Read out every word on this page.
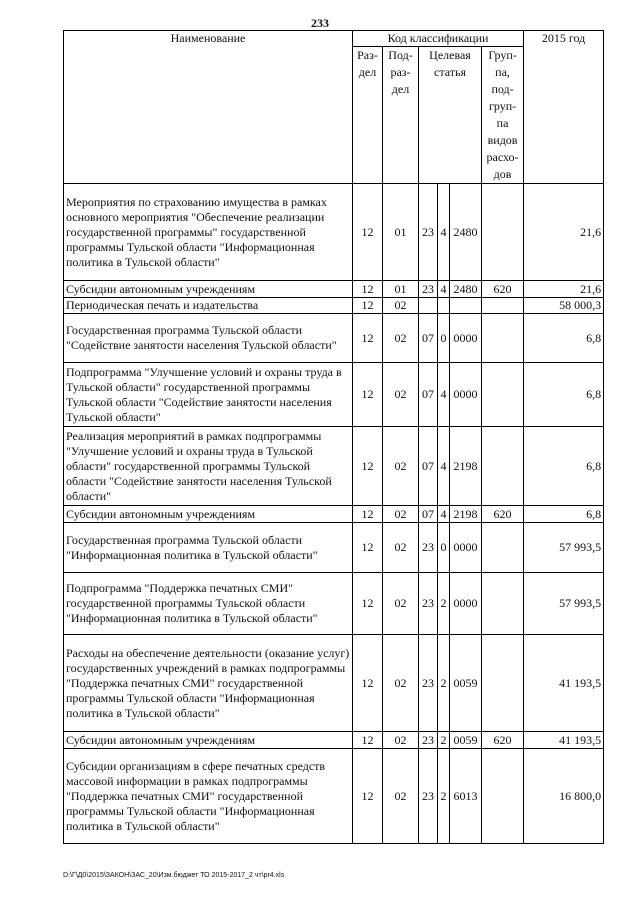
233
Наименование	Код классификации						2015 год
	Раз-дел	Под-раз-дел	Целевая статья			Груп-па, под-груп-па видов расхо-дов	
Мероприятия по страхованию имущества в рамках основного мероприятия "Обеспечение реализации государственной программы" государственной программы Тульской области "Информационная политика в Тульской области"	12	01	23	4	2480		21,6
Субсидии автономным учреждениям	12	01	23	4	2480	620	21,6
Периодическая печать и издательства	12	02					58 000,3
Государственная программа Тульской области "Содействие занятости населения Тульской области"	12	02	07	0	0000		6,8
Подпрограмма "Улучшение условий и охраны труда в Тульской области" государственной программы Тульской области "Содействие занятости населения Тульской области"	12	02	07	4	0000		6,8
Реализация мероприятий в рамках подпрограммы "Улучшение условий и охраны труда в Тульской области" государственной программы Тульской области "Содействие занятости населения Тульской области"	12	02	07	4	2198		6,8
Субсидии автономным учреждениям	12	02	07	4	2198	620	6,8
Государственная программа Тульской области "Информационная политика в Тульской области"	12	02	23	0	0000		57 993,5
Подпрограмма "Поддержка печатных СМИ" государственной программы Тульской области "Информационная политика в Тульской области"	12	02	23	2	0000		57 993,5
Расходы на обеспечение деятельности (оказание услуг) государственных учреждений в рамках подпрограммы "Поддержка печатных СМИ" государственной программы Тульской области "Информационная политика в Тульской области"	12	02	23	2	0059		41 193,5
Субсидии автономным учреждениям	12	02	23	2	0059	620	41 193,5
Субсидии организациям в сфере печатных средств массовой информации в рамках подпрограммы "Поддержка печатных СМИ" государственной программы Тульской области "Информационная политика в Тульской области"	12	02	23	2	6013		16 800,0
D:\Г\Д0\2015\ЗАКОН\ЗАС_20\Изм.бюджет ТО 2015-2017_2 чт\pr4.xls
